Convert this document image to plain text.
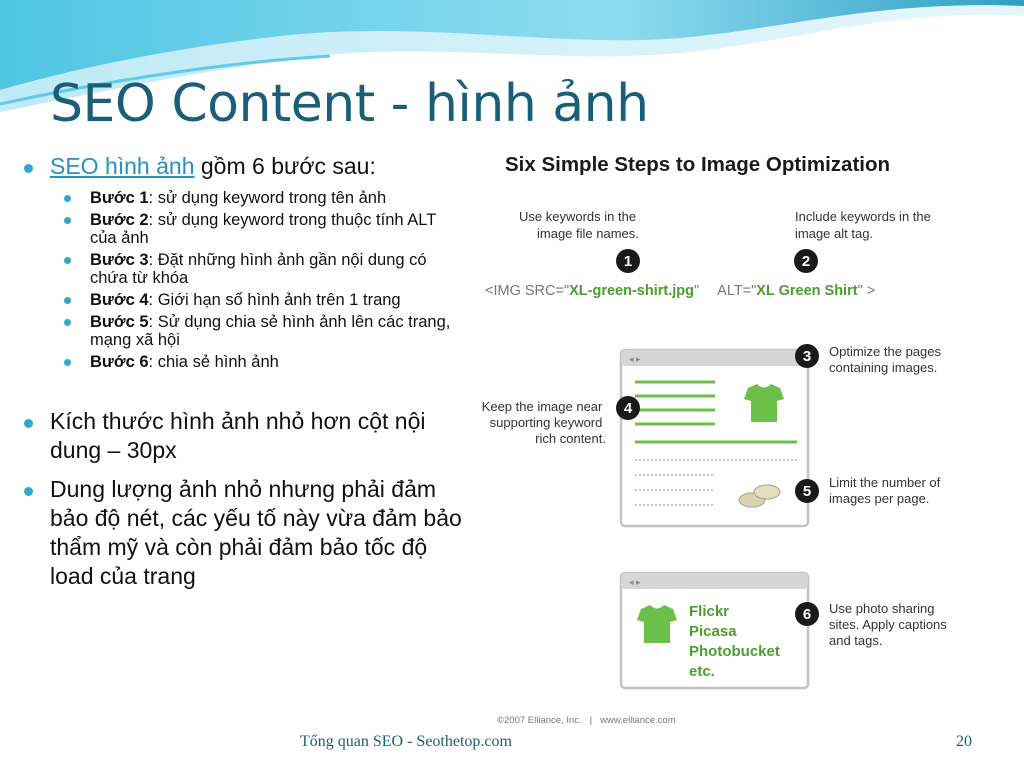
SEO Content - hình ảnh
SEO hình ảnh gồm 6 bước sau:
Bước 1: sử dụng keyword trong tên ảnh
Bước 2: sử dụng keyword trong thuộc tính ALT của ảnh
Bước 3: Đặt những hình ảnh gần nội dung có chứa từ khóa
Bước 4: Giới hạn số hình ảnh trên 1 trang
Bước 5: Sử dụng chia sẻ hình ảnh lên các trang, mạng xã hội
Bước 6: chia sẻ hình ảnh
Kích thước hình ảnh nhỏ hơn cột nội dung – 30px
Dung lượng ảnh nhỏ nhưng phải đảm bảo độ nét, các yếu tố này vừa đảm bảo thẩm mỹ và còn phải đảm bảo tốc độ load của trang
Six Simple Steps to Image Optimization
Use keywords in the image file names.
Include keywords in the image alt tag.
1	2
<IMG SRC="XL-green-shirt.jpg" ALT="XL Green Shirt" >
◂ ▸	3 Optimize the pages containing images.
4
Keep the image near supporting keyword rich content.
5
Limit the number of images per page.
◂ ▸
Flickr Picasa Photobucket etc.
6 Use photo sharing sites. Apply captions and tags.
©2007 Elliance, Inc. | www.elliance.com
Tổng quan SEO - Seothetop.com	20
